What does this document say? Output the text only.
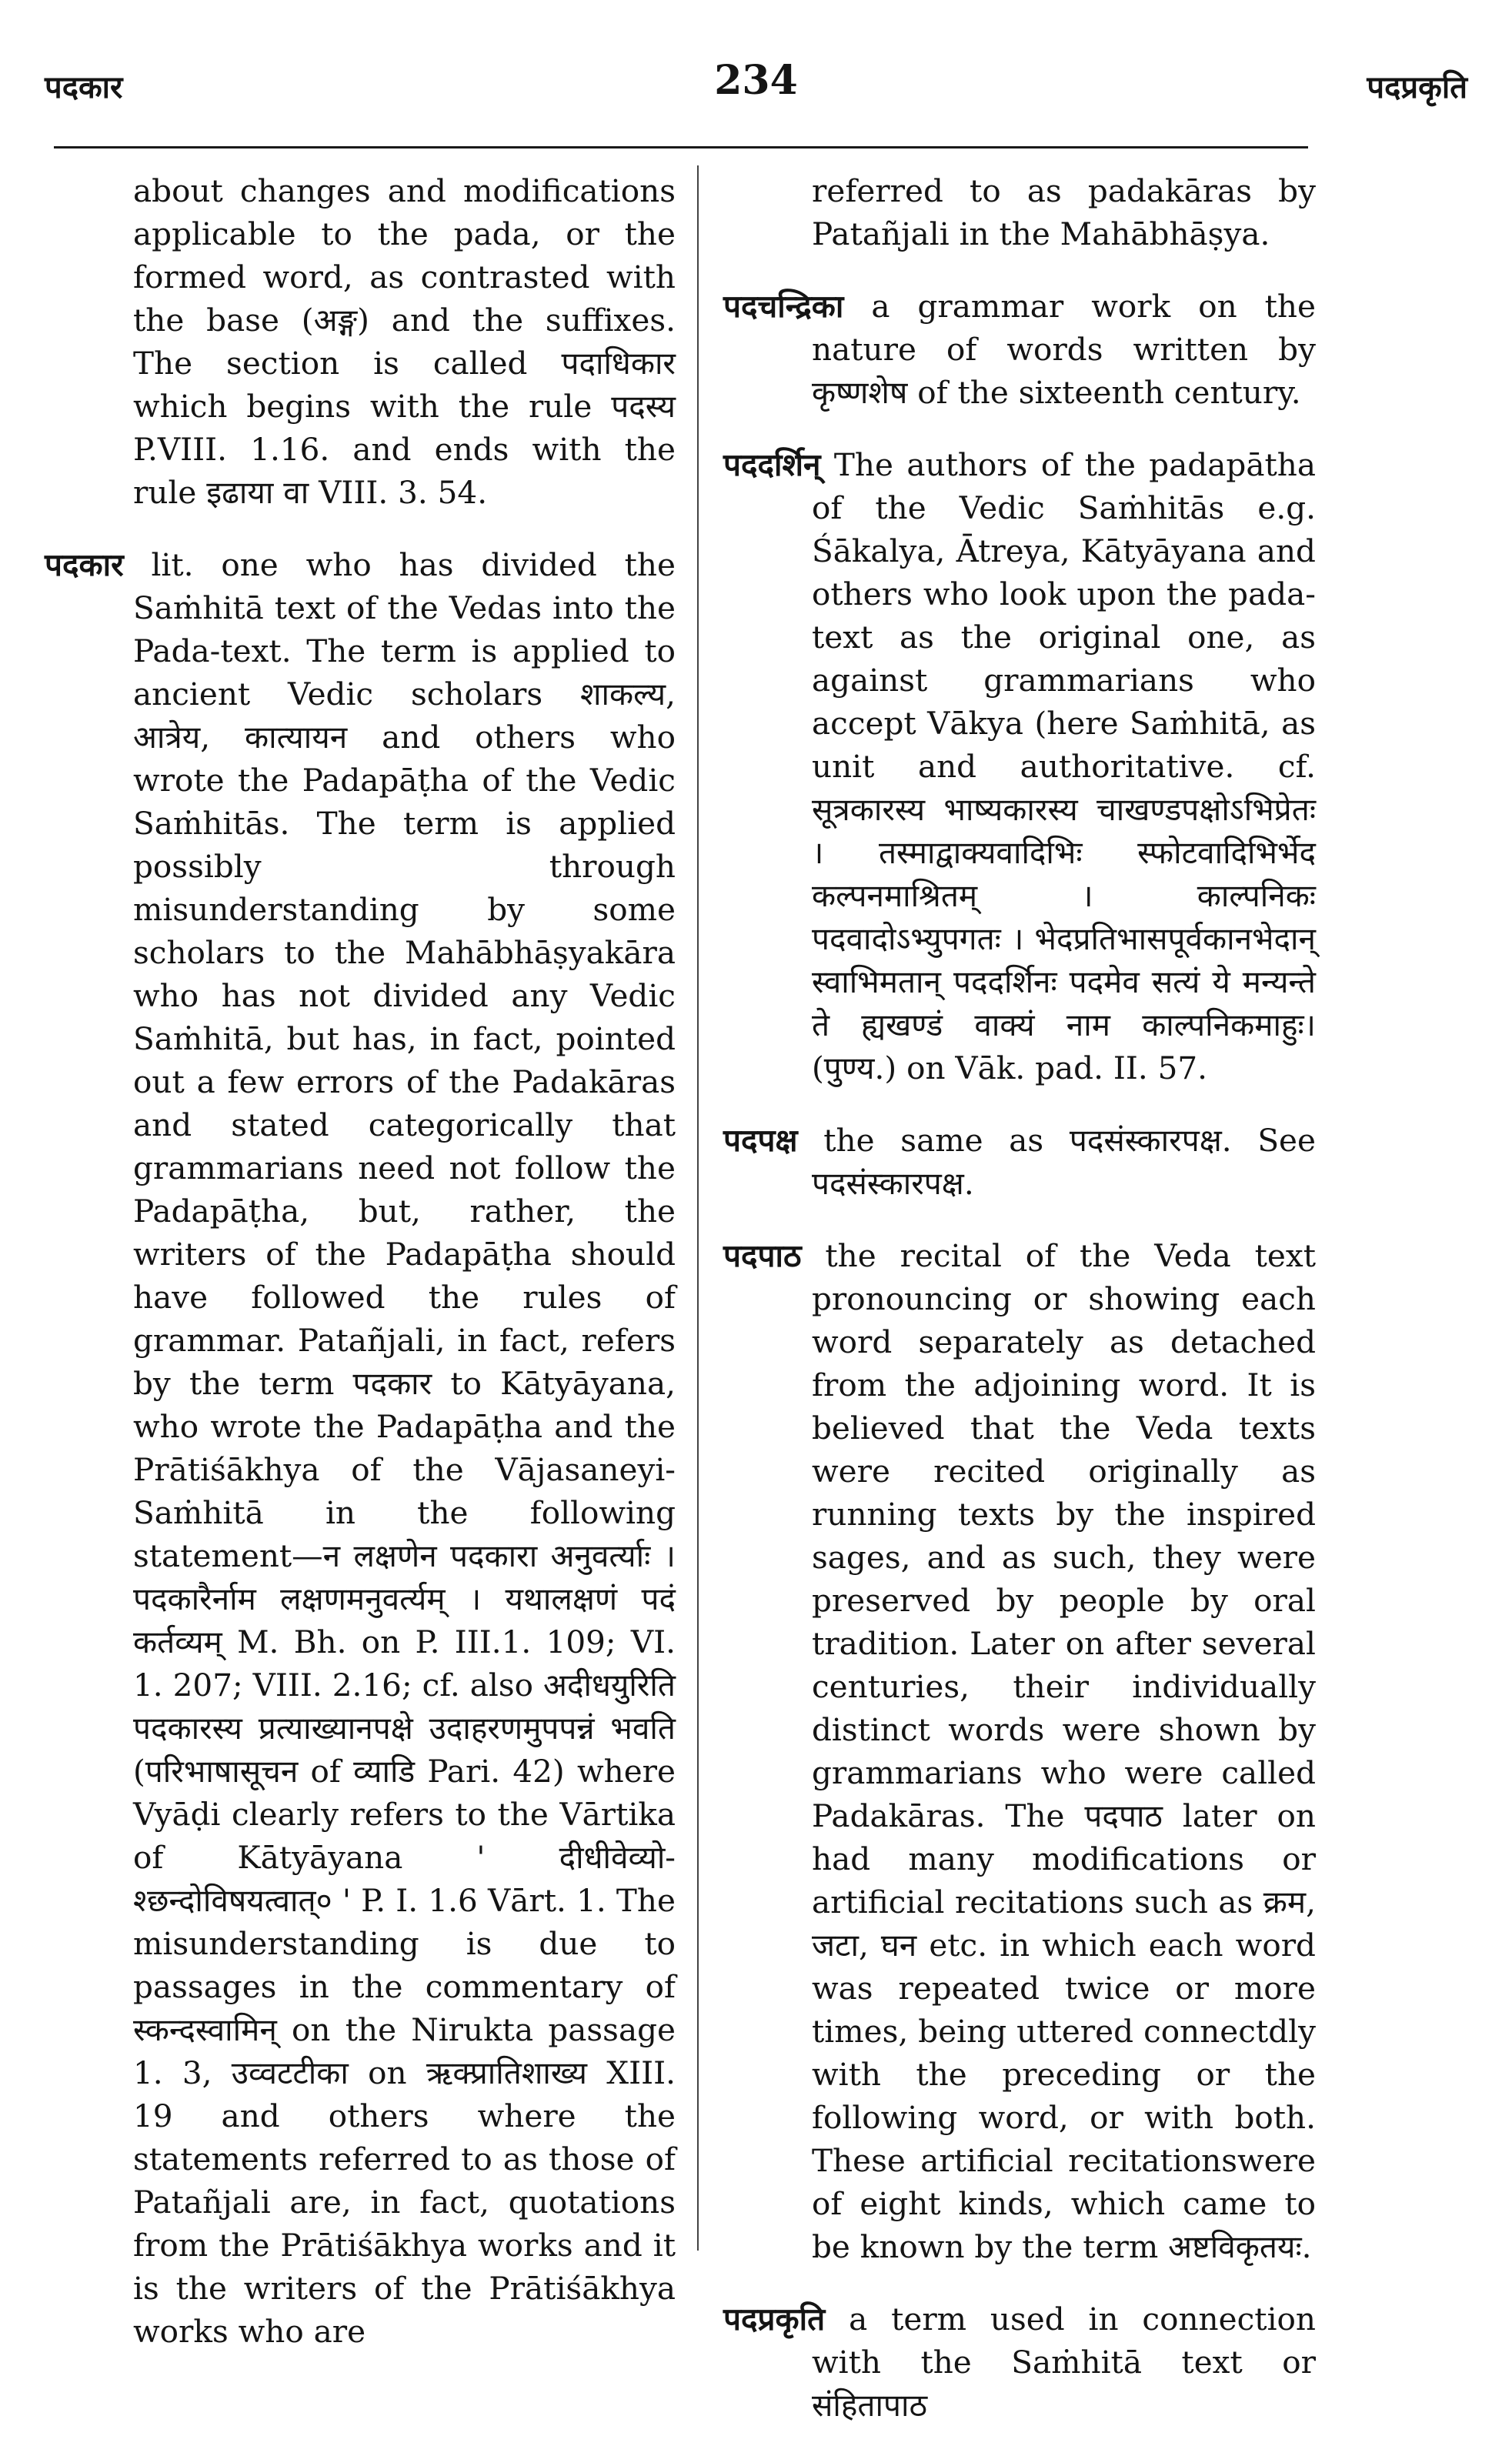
पदकार	234	पदप्रकृति

about changes and modifications applicable to the pada, or the formed word, as contrasted with the base (अङ्ग) and the suffixes. The section is called पदाधिकार which begins with the rule पदस्य P.VIII. 1.16. and ends with the rule इढाया वा VIII. 3. 54.

पदकार lit. one who has divided the Saṁhitā text of the Vedas into the Pada-text. The term is applied to ancient Vedic scholars शाकल्य, आत्रेय, कात्यायन and others who wrote the Padapāṭha of the Vedic Saṁhitās. The term is applied possibly through misunderstanding by some scholars to the Mahābhāṣyakāra who has not divided any Vedic Saṁhitā, but has, in fact, pointed out a few errors of the Padakāras and stated categorically that grammarians need not follow the Padapāṭha, but, rather, the writers of the Padapāṭha should have followed the rules of grammar. Patañjali, in fact, refers by the term पदकार to Kātyāyana, who wrote the Padapāṭha and the Prātiśākhya of the Vājasaneyi-Saṁhitā in the following statement—न लक्षणेन पदकारा अनुवर्त्याः । पदकारैर्नाम लक्षणमनुवर्त्यम् । यथालक्षणं पदं कर्तव्यम् M. Bh. on P. III.1. 109; VI. 1. 207; VIII. 2.16; cf. also अदीधयुरिति पदकारस्य प्रत्याख्यानपक्षे उदाहरणमुपपन्नं भवति (परिभाषासूचन of व्याडि Pari. 42) where Vyāḍi clearly refers to the Vārtika of Kātyāyana ' दीधीवेव्यो-श्छन्दोविषयत्वात्० ' P. I. 1.6 Vārt. 1. The misunderstanding is due to passages in the commentary of स्कन्दस्वामिन् on the Nirukta passage 1. 3, उव्वटटीका on ऋक्प्रातिशाख्य XIII. 19 and others where the statements referred to as those of Patañjali are, in fact, quotations from the Prātiśākhya works and it is the writers of the Prātiśākhya works who are

referred to as padakāras by Patañjali in the Mahābhāṣya.

पदचन्द्रिका a grammar work on the nature of words written by कृष्णशेष of the sixteenth century.

पददर्शिन् The authors of the padapātha of the Vedic Saṁhitās e.g. Śākalya, Ātreya, Kātyāyana and others who look upon the pada-text as the original one, as against grammarians who accept Vākya (here Saṁhitā, as unit and authoritative. cf. सूत्रकारस्य भाष्यकारस्य चाखण्डपक्षोऽभिप्रेतः । तस्माद्वाक्यवादिभिः स्फोटवादिभिर्भेद कल्पनमाश्रितम् । काल्पनिकः पदवादोऽभ्युपगतः । भेदप्रतिभासपूर्वकानभेदान् स्वाभिमतान् पददर्शिनः पदमेव सत्यं ये मन्यन्ते ते ह्यखण्डं वाक्यं नाम काल्पनिकमाहुः। (पुण्य.) on Vāk. pad. II. 57.

पदपक्ष the same as पदसंस्कारपक्ष. See पदसंस्कारपक्ष.

पदपाठ the recital of the Veda text pronouncing or showing each word separately as detached from the adjoining word. It is believed that the Veda texts were recited originally as running texts by the inspired sages, and as such, they were preserved by people by oral tradition. Later on after several centuries, their individually distinct words were shown by grammarians who were called Padakāras. The पदपाठ later on had many modifications or artificial recitations such as क्रम, जटा, घन etc. in which each word was repeated twice or more times, being uttered connectdly with the preceding or the following word, or with both. These artificial recitationswere of eight kinds, which came to be known by the term अष्टविकृतयः.

पदप्रकृति a term used in connection with the Saṁhitā text or संहितापाठ
